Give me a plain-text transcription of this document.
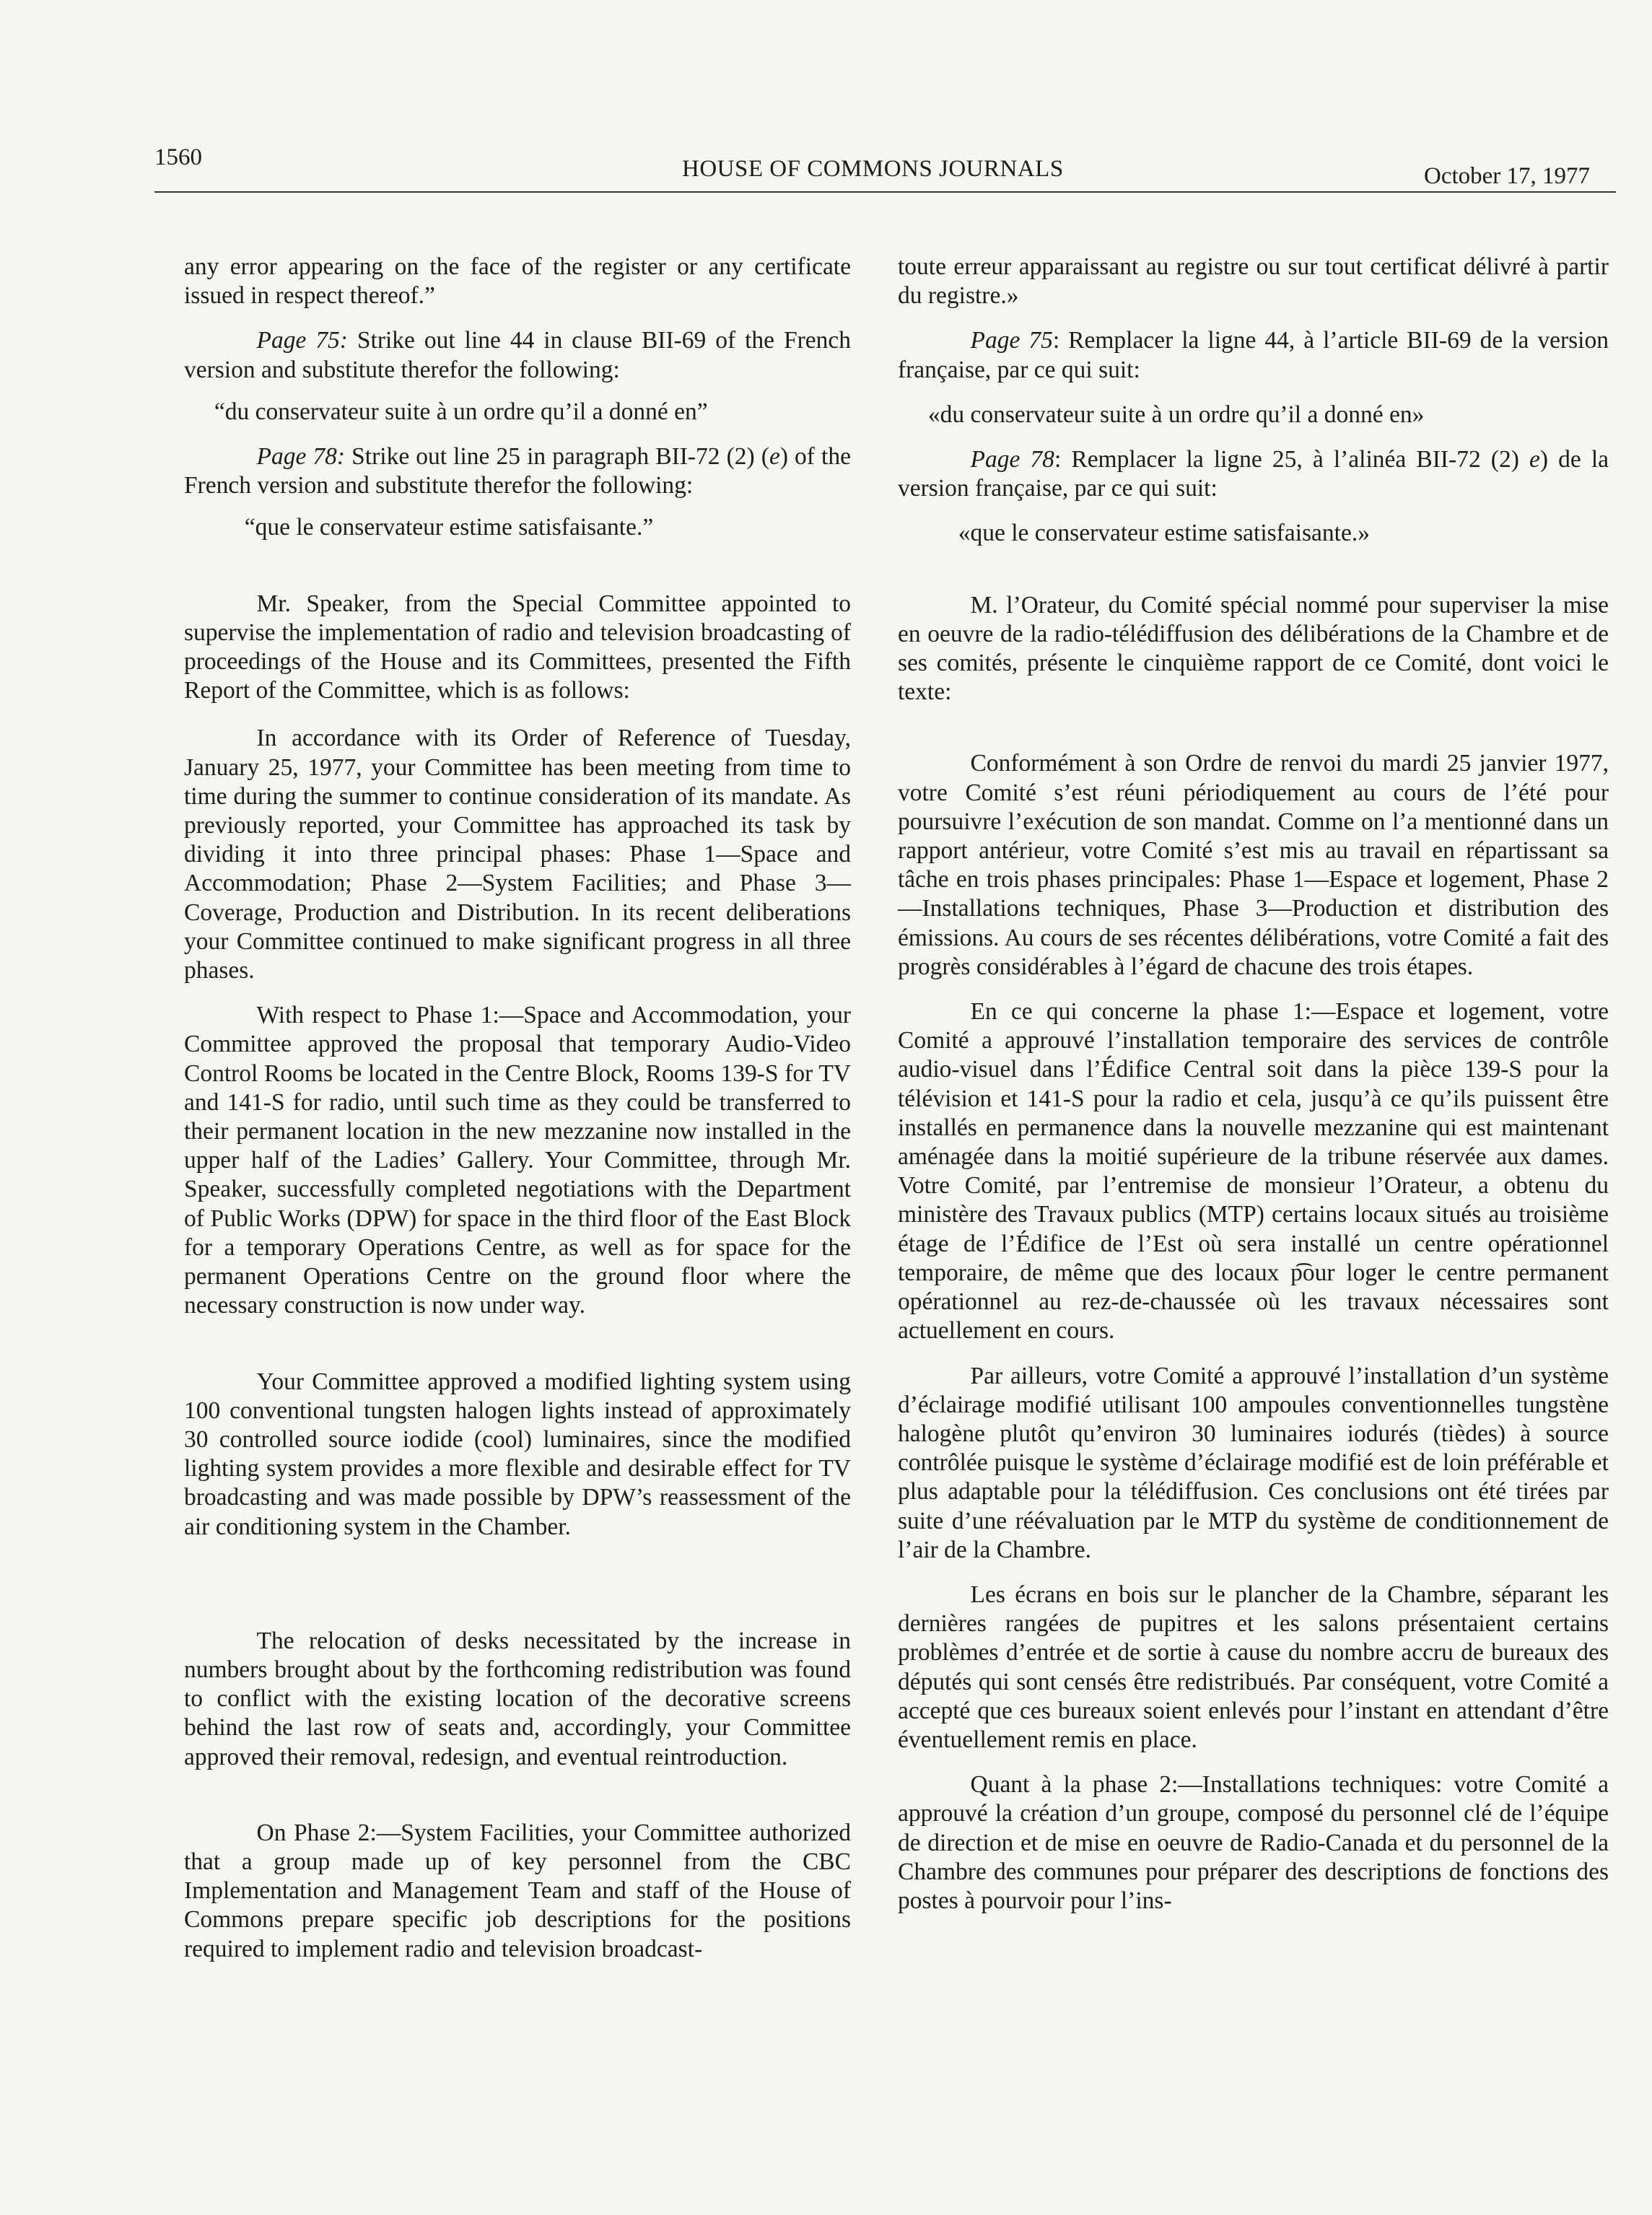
1560	HOUSE OF COMMONS JOURNALS	October 17, 1977

any error appearing on the face of the register or any certificate issued in respect thereof.”

Page 75: Strike out line 44 in clause BII-69 of the French version and substitute therefor the following:

“du conservateur suite à un ordre qu’il a donné en”

Page 78: Strike out line 25 in paragraph BII-72 (2) (e) of the French version and substitute therefor the following:

“que le conservateur estime satisfaisante.”

Mr. Speaker, from the Special Committee appointed to supervise the implementation of radio and television broadcasting of proceedings of the House and its Committees, presented the Fifth Report of the Committee, which is as follows:

In accordance with its Order of Reference of Tuesday, January 25, 1977, your Committee has been meeting from time to time during the summer to continue consideration of its mandate. As previously reported, your Committee has approached its task by dividing it into three principal phases: Phase 1—Space and Accommodation; Phase 2—System Facilities; and Phase 3—Coverage, Production and Distribution. In its recent deliberations your Committee continued to make significant progress in all three phases.

With respect to Phase 1:—Space and Accommodation, your Committee approved the proposal that temporary Audio-Video Control Rooms be located in the Centre Block, Rooms 139-S for TV and 141-S for radio, until such time as they could be transferred to their permanent location in the new mezzanine now installed in the upper half of the Ladies’ Gallery. Your Committee, through Mr. Speaker, successfully completed negotiations with the Department of Public Works (DPW) for space in the third floor of the East Block for a temporary Operations Centre, as well as for space for the permanent Operations Centre on the ground floor where the necessary construction is now under way.

Your Committee approved a modified lighting system using 100 conventional tungsten halogen lights instead of approximately 30 controlled source iodide (cool) luminaires, since the modified lighting system provides a more flexible and desirable effect for TV broadcasting and was made possible by DPW’s reassessment of the air conditioning system in the Chamber.

The relocation of desks necessitated by the increase in numbers brought about by the forthcoming redistribution was found to conflict with the existing location of the decorative screens behind the last row of seats and, accordingly, your Committee approved their removal, redesign, and eventual reintroduction.

On Phase 2:—System Facilities, your Committee authorized that a group made up of key personnel from the CBC Implementation and Management Team and staff of the House of Commons prepare specific job descriptions for the positions required to implement radio and television broadcast-

toute erreur apparaissant au registre ou sur tout certificat délivré à partir du registre.»

Page 75: Remplacer la ligne 44, à l’article BII-69 de la version française, par ce qui suit:

«du conservateur suite à un ordre qu’il a donné en»

Page 78: Remplacer la ligne 25, à l’alinéa BII-72 (2) e) de la version française, par ce qui suit:

«que le conservateur estime satisfaisante.»

M. l’Orateur, du Comité spécial nommé pour superviser la mise en oeuvre de la radio-télédiffusion des délibérations de la Chambre et de ses comités, présente le cinquième rapport de ce Comité, dont voici le texte:

Conformément à son Ordre de renvoi du mardi 25 janvier 1977, votre Comité s’est réuni périodiquement au cours de l’été pour poursuivre l’exécution de son mandat. Comme on l’a mentionné dans un rapport antérieur, votre Comité s’est mis au travail en répartissant sa tâche en trois phases principales: Phase 1—Espace et logement, Phase 2—Installations techniques, Phase 3—Production et distribution des émissions. Au cours de ses récentes délibérations, votre Comité a fait des progrès considérables à l’égard de chacune des trois étapes.

En ce qui concerne la phase 1:—Espace et logement, votre Comité a approuvé l’installation temporaire des services de contrôle audio-visuel dans l’Édifice Central soit dans la pièce 139-S pour la télévision et 141-S pour la radio et cela, jusqu’à ce qu’ils puissent être installés en permanence dans la nouvelle mezzanine qui est maintenant aménagée dans la moitié supérieure de la tribune réservée aux dames. Votre Comité, par l’entremise de monsieur l’Orateur, a obtenu du ministère des Travaux publics (MTP) certains locaux situés au troisième étage de l’Édifice de l’Est où sera installé un centre opérationnel temporaire, de même que des locaux p͡our loger le centre permanent opérationnel au rez-de-chaussée où les travaux nécessaires sont actuellement en cours.

Par ailleurs, votre Comité a approuvé l’installation d’un système d’éclairage modifié utilisant 100 ampoules conventionnelles tungstène halogène plutôt qu’environ 30 luminaires iodurés (tièdes) à source contrôlée puisque le système d’éclairage modifié est de loin préférable et plus adaptable pour la télédiffusion. Ces conclusions ont été tirées par suite d’une réévaluation par le MTP du système de conditionnement de l’air de la Chambre.

Les écrans en bois sur le plancher de la Chambre, séparant les dernières rangées de pupitres et les salons présentaient certains problèmes d’entrée et de sortie à cause du nombre accru de bureaux des députés qui sont censés être redistribués. Par conséquent, votre Comité a accepté que ces bureaux soient enlevés pour l’instant en attendant d’être éventuellement remis en place.

Quant à la phase 2:—Installations techniques: votre Comité a approuvé la création d’un groupe, composé du personnel clé de l’équipe de direction et de mise en oeuvre de Radio-Canada et du personnel de la Chambre des communes pour préparer des descriptions de fonctions des postes à pourvoir pour l’ins-
